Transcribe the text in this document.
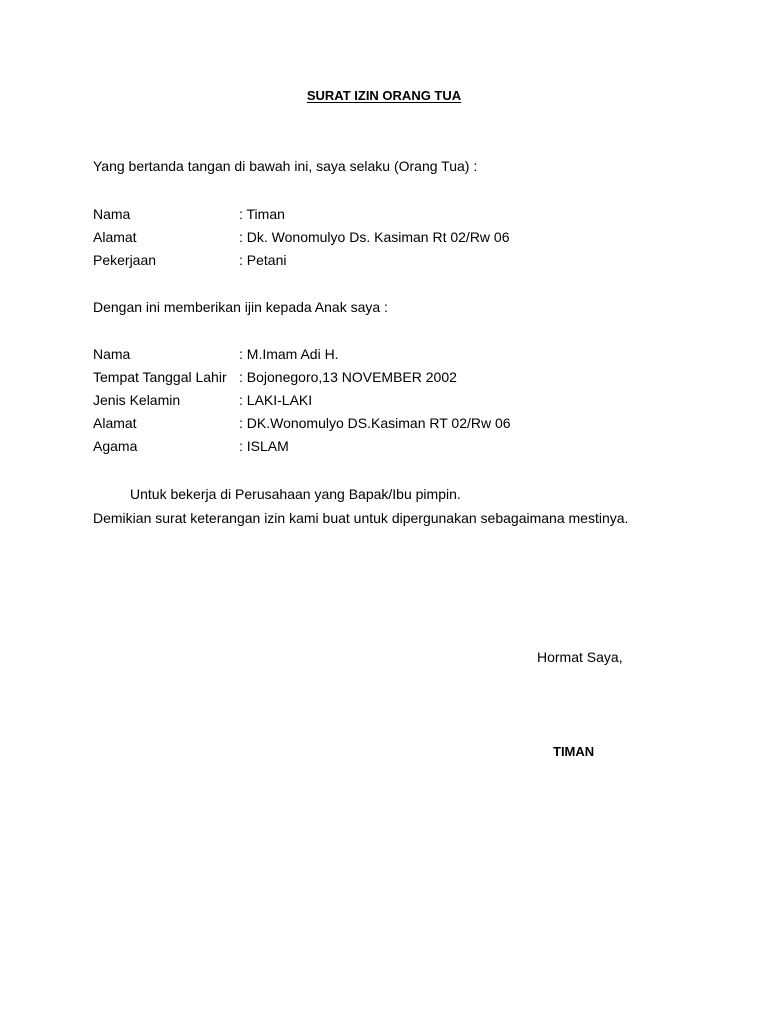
SURAT IZIN ORANG TUA
Yang bertanda tangan di bawah ini, saya selaku (Orang Tua) :
Nama	: Timan
Alamat	: Dk. Wonomulyo Ds. Kasiman Rt 02/Rw 06
Pekerjaan	: Petani
Dengan ini memberikan ijin kepada Anak saya :
Nama	: M.Imam Adi H.
Tempat Tanggal Lahir : Bojonegoro,13 NOVEMBER 2002
Jenis Kelamin	: LAKI-LAKI
Alamat	: DK.Wonomulyo DS.Kasiman RT 02/Rw 06
Agama	: ISLAM
Untuk bekerja di Perusahaan yang Bapak/Ibu pimpin.
Demikian surat keterangan izin kami buat untuk dipergunakan sebagaimana mestinya.
Hormat Saya,
TIMAN
